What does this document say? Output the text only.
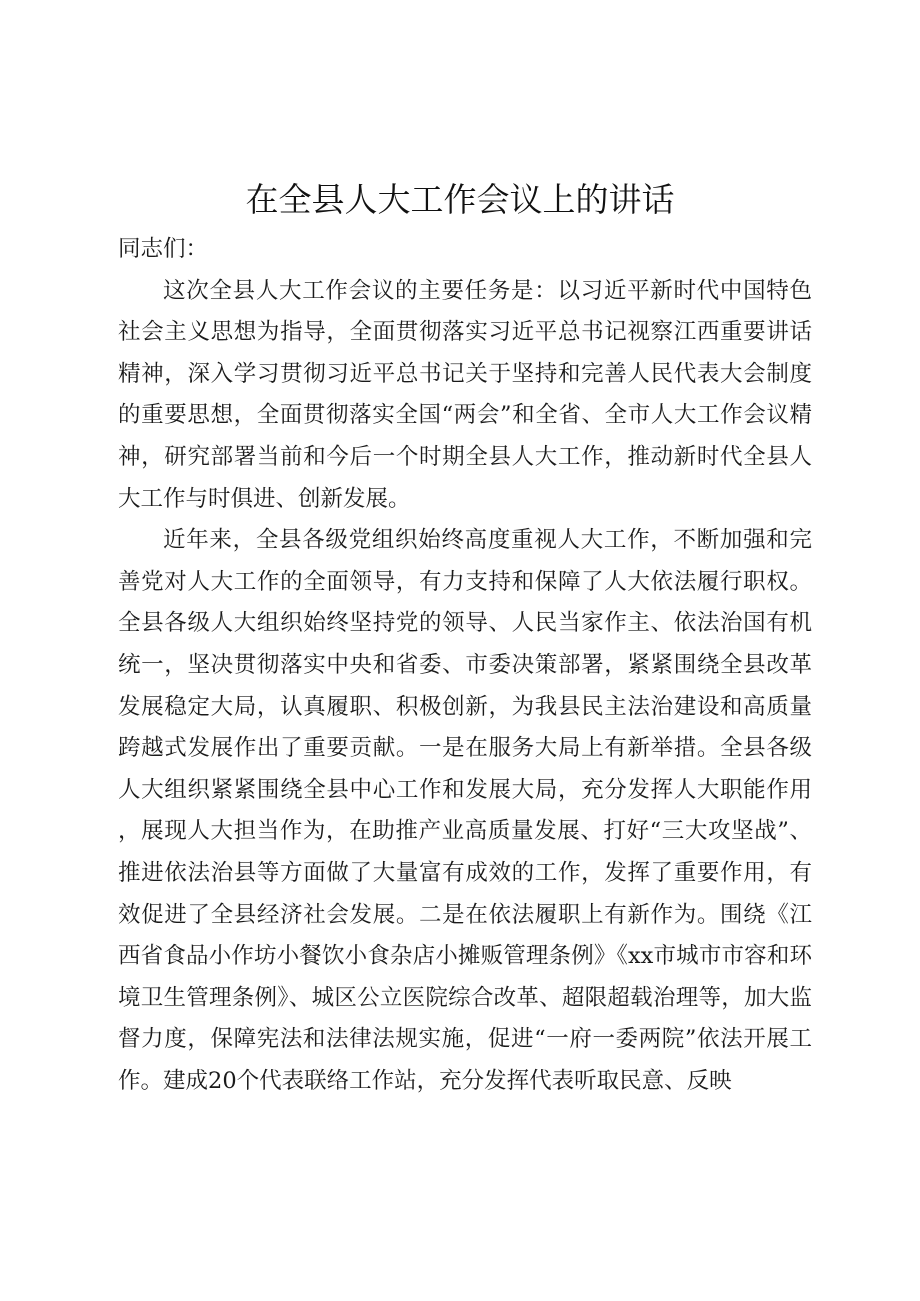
在全县人大工作会议上的讲话

同志们：

这次全县人大工作会议的主要任务是：以习近平新时代中国特色社会主义思想为指导，全面贯彻落实习近平总书记视察江西重要讲话精神，深入学习贯彻习近平总书记关于坚持和完善人民代表大会制度的重要思想，全面贯彻落实全国“两会”和全省、全市人大工作会议精神，研究部署当前和今后一个时期全县人大工作，推动新时代全县人大工作与时俱进、创新发展。

近年来，全县各级党组织始终高度重视人大工作，不断加强和完善党对人大工作的全面领导，有力支持和保障了人大依法履行职权。全县各级人大组织始终坚持党的领导、人民当家作主、依法治国有机统一，坚决贯彻落实中央和省委、市委决策部署，紧紧围绕全县改革发展稳定大局，认真履职、积极创新，为我县民主法治建设和高质量跨越式发展作出了重要贡献。一是在服务大局上有新举措。全县各级人大组织紧紧围绕全县中心工作和发展大局，充分发挥人大职能作用，展现人大担当作为，在助推产业高质量发展、打好“三大攻坚战”、推进依法治县等方面做了大量富有成效的工作，发挥了重要作用，有效促进了全县经济社会发展。二是在依法履职上有新作为。围绕《江西省食品小作坊小餐饮小食杂店小摊贩管理条例》《xx市城市市容和环境卫生管理条例》、城区公立医院综合改革、超限超载治理等，加大监督力度，保障宪法和法律法规实施，促进“一府一委两院”依法开展工作。建成20个代表联络工作站，充分发挥代表听取民意、反映
